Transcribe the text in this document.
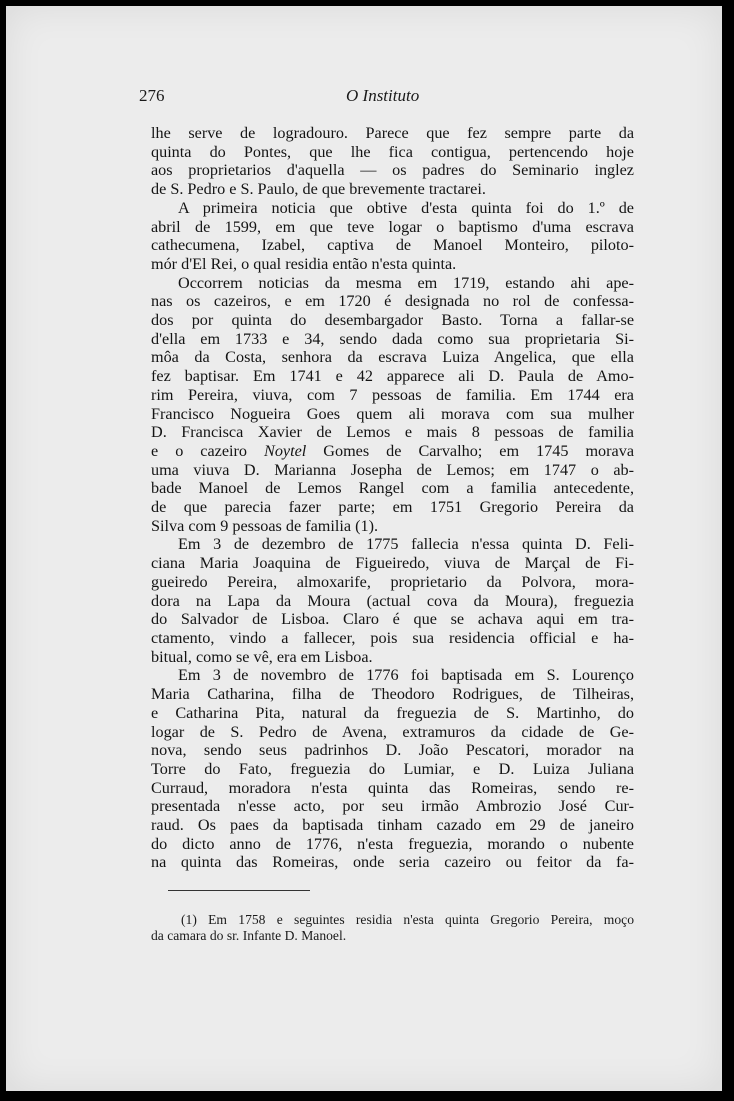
276	O Instituto

lhe serve de logradouro. Parece que fez sempre parte da

quinta do Pontes, que lhe fica contigua, pertencendo hoje

aos proprietarios d'aquella — os padres do Seminario inglez

de S. Pedro e S. Paulo, de que brevemente tractarei.

A primeira noticia que obtive d'esta quinta foi do 1.º de

abril de 1599, em que teve logar o baptismo d'uma escrava

cathecumena, Izabel, captiva de Manoel Monteiro, piloto-

mór d'El Rei, o qual residia então n'esta quinta.

Occorrem noticias da mesma em 1719, estando ahi ape-

nas os cazeiros, e em 1720 é designada no rol de confessa-

dos por quinta do desembargador Basto. Torna a fallar-se

d'ella em 1733 e 34, sendo dada como sua proprietaria Si-

môa da Costa, senhora da escrava Luiza Angelica, que ella

fez baptisar. Em 1741 e 42 apparece ali D. Paula de Amo-

rim Pereira, viuva, com 7 pessoas de familia. Em 1744 era

Francisco Nogueira Goes quem ali morava com sua mulher

D. Francisca Xavier de Lemos e mais 8 pessoas de familia

e o cazeiro Noytel Gomes de Carvalho; em 1745 morava

uma viuva D. Marianna Josepha de Lemos; em 1747 o ab-

bade Manoel de Lemos Rangel com a familia antecedente,

de que parecia fazer parte; em 1751 Gregorio Pereira da

Silva com 9 pessoas de familia (1).

Em 3 de dezembro de 1775 fallecia n'essa quinta D. Feli-

ciana Maria Joaquina de Figueiredo, viuva de Marçal de Fi-

gueiredo Pereira, almoxarife, proprietario da Polvora, mora-

dora na Lapa da Moura (actual cova da Moura), freguezia

do Salvador de Lisboa. Claro é que se achava aqui em tra-

ctamento, vindo a fallecer, pois sua residencia official e ha-

bitual, como se vê, era em Lisboa.

Em 3 de novembro de 1776 foi baptisada em S. Lourenço

Maria Catharina, filha de Theodoro Rodrigues, de Tilheiras,

e Catharina Pita, natural da freguezia de S. Martinho, do

logar de S. Pedro de Avena, extramuros da cidade de Ge-

nova, sendo seus padrinhos D. João Pescatori, morador na

Torre do Fato, freguezia do Lumiar, e D. Luiza Juliana

Curraud, moradora n'esta quinta das Romeiras, sendo re-

presentada n'esse acto, por seu irmão Ambrozio José Cur-

raud. Os paes da baptisada tinham cazado em 29 de janeiro

do dicto anno de 1776, n'esta freguezia, morando o nubente

na quinta das Romeiras, onde seria cazeiro ou feitor da fa-

(1) Em 1758 e seguintes residia n'esta quinta Gregorio Pereira, moço

da camara do sr. Infante D. Manoel.
